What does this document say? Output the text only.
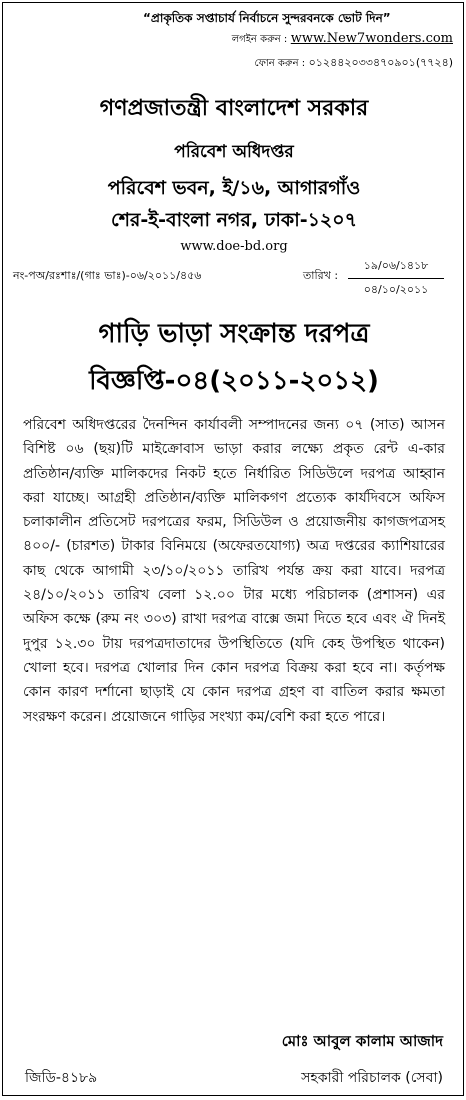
“প্রাকৃতিক সপ্তাচার্য নির্বাচনে সুন্দরবনকে ভোট দিন”
লগইন করুন : www.New7wonders.com
ফোন করুন : ০১২৪৪২০৩৩৪৭০৯০১(৭৭২৪)
গণপ্রজাতন্ত্রী বাংলাদেশ সরকার
পরিবেশ অধিদপ্তর
পরিবেশ ভবন, ই/১৬, আগারগাঁও
শের-ই-বাংলা নগর, ঢাকা-১২০৭
www.doe-bd.org
নং-পঅ/রঃশাঃ/(গাঃ ভাঃ)-০৬/২০১১/৪৫৬	তারিখ :
১৯/০৬/১৪১৮
০৪/১০/২০১১
গাড়ি ভাড়া সংক্রান্ত দরপত্র
বিজ্ঞপ্তি-০৪(২০১১-২০১২)
পরিবেশ অধিদপ্তরের দৈনন্দিন কার্যাবলী সম্পাদনের জন্য ০৭ (সাত) আসন বিশিষ্ট ০৬ (ছয়)টি মাইক্রোবাস ভাড়া করার লক্ষ্যে প্রকৃত রেন্ট এ-কার প্রতিষ্ঠান/ব্যক্তি মালিকদের নিকট হতে নির্ধারিত সিডিউলে দরপত্র আহ্বান করা যাচ্ছে। আগ্রহী প্রতিষ্ঠান/ব্যক্তি মালিকগণ প্রত্যেক কার্যদিবসে অফিস চলাকালীন প্রতিসেট দরপত্রের ফরম, সিডিউল ও প্রয়োজনীয় কাগজপত্রসহ ৪০০/- (চারশত) টাকার বিনিময়ে (অফেরতযোগ্য) অত্র দপ্তরের ক্যাশিয়ারের কাছ থেকে আগামী ২৩/১০/২০১১ তারিখ পর্যন্ত ক্রয় করা যাবে। দরপত্র ২৪/১০/২০১১ তারিখ বেলা ১২.০০ টার মধ্যে পরিচালক (প্রশাসন) এর অফিস কক্ষে (রুম নং ৩০৩) রাখা দরপত্র বাক্সে জমা দিতে হবে এবং ঐ দিনই দুপুর ১২.৩০ টায় দরপত্রদাতাদের উপস্থিতিতে (যদি কেহ উপস্থিত থাকেন) খোলা হবে। দরপত্র খোলার দিন কোন দরপত্র বিক্রয় করা হবে না। কর্তৃপক্ষ কোন কারণ দর্শানো ছাড়াই যে কোন দরপত্র গ্রহণ বা বাতিল করার ক্ষমতা সংরক্ষণ করেন। প্রয়োজনে গাড়ির সংখ্যা কম/বেশি করা হতে পারে।
মোঃ আবুল কালাম আজাদ
জিডি-৪১৮৯	সহকারী পরিচালক (সেবা)
